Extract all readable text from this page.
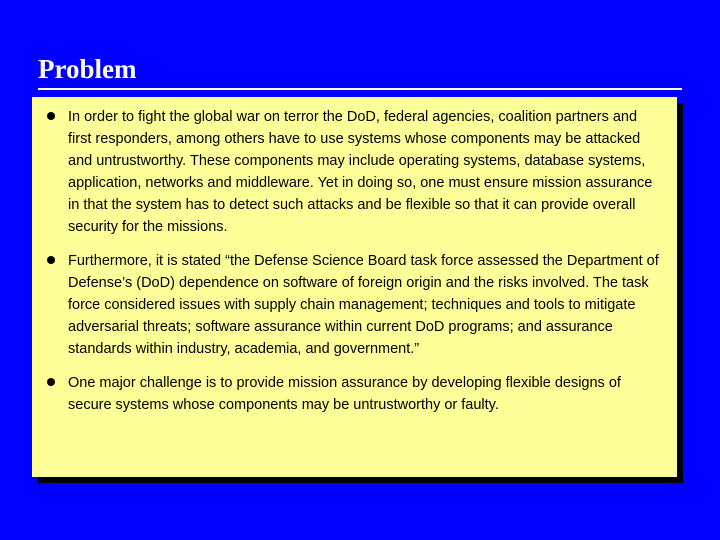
Problem
In order to fight the global war on terror the DoD, federal agencies, coalition partners and first responders, among others have to use systems whose components may be attacked and untrustworthy. These components may include operating systems, database systems, application, networks and middleware. Yet in doing so, one must ensure mission assurance in that the system has to detect such attacks and be flexible so that it can provide overall security for the missions.
Furthermore, it is stated “the Defense Science Board task force assessed the Department of Defense’s (DoD) dependence on software of foreign origin and the risks involved. The task force considered issues with supply chain management; techniques and tools to mitigate adversarial threats; software assurance within current DoD programs; and assurance standards within industry, academia, and government.”
One major challenge is to provide mission assurance by developing flexible designs of secure systems whose components may be untrustworthy or faulty.
